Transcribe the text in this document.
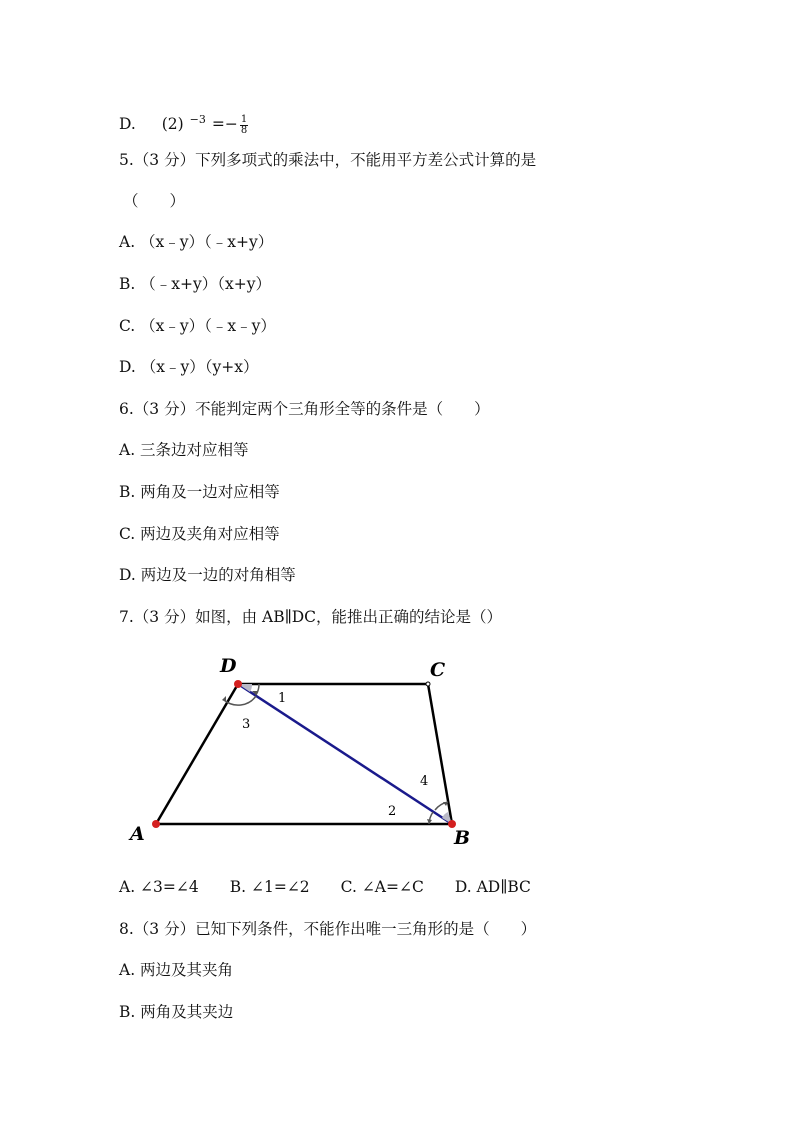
D. (2) $^{-3} =- \frac{1}{8}$
5.（3 分）下列多项式的乘法中，不能用平方差公式计算的是
（　　）
A. （x﹣y）（﹣x+y）
B. （﹣x+y）（x+y）
C. （x﹣y）（﹣x﹣y）
D. （x﹣y）（y+x）
6.（3 分）不能判定两个三角形全等的条件是（　　）
A. 三条边对应相等
B. 两角及一边对应相等
C. 两边及夹角对应相等
D. 两边及一边的对角相等
7.（3 分）如图，由 AB∥DC，能推出正确的结论是（）
A
D	C
B
1
2
3
4
A. ∠3=∠4　　B. ∠1=∠2　　C. ∠A=∠C　　D. AD∥BC
8.（3 分）已知下列条件，不能作出唯一三角形的是（　　）
A. 两边及其夹角
B. 两角及其夹边
